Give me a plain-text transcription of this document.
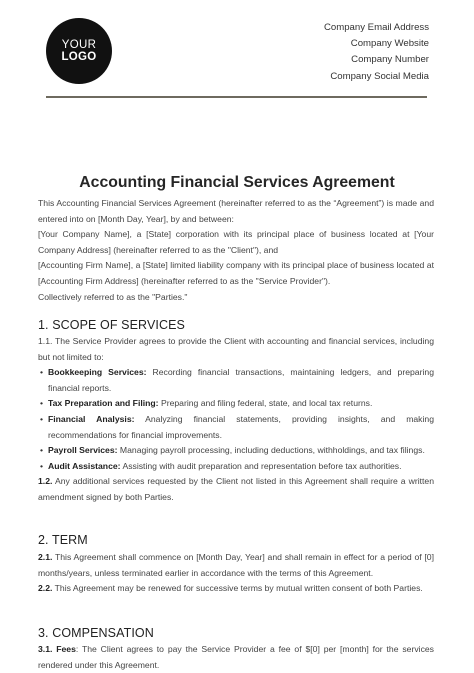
YOUR
LOGO
Company Email Address
Company Website
Company Number
Company Social Media
Accounting Financial Services Agreement

This Accounting Financial Services Agreement (hereinafter referred to as the “Agreement”) is made and entered into on [Month Day, Year], by and between:

[Your Company Name], a [State] corporation with its principal place of business located at [Your Company Address] (hereinafter referred to as the "Client"), and

[Accounting Firm Name], a [State] limited liability company with its principal place of business located at [Accounting Firm Address] (hereinafter referred to as the "Service Provider").

Collectively referred to as the "Parties."

1. SCOPE OF SERVICES

1.1. The Service Provider agrees to provide the Client with accounting and financial services, including but not limited to:

• Bookkeeping Services: Recording financial transactions, maintaining ledgers, and preparing financial reports.
• Tax Preparation and Filing: Preparing and filing federal, state, and local tax returns.
• Financial Analysis: Analyzing financial statements, providing insights, and making recommendations for financial improvements.
• Payroll Services: Managing payroll processing, including deductions, withholdings, and tax filings.
• Audit Assistance: Assisting with audit preparation and representation before tax authorities.

1.2. Any additional services requested by the Client not listed in this Agreement shall require a written amendment signed by both Parties.

2. TERM

2.1. This Agreement shall commence on [Month Day, Year] and shall remain in effect for a period of [0] months/years, unless terminated earlier in accordance with the terms of this Agreement.

2.2. This Agreement may be renewed for successive terms by mutual written consent of both Parties.

3. COMPENSATION

3.1. Fees: The Client agrees to pay the Service Provider a fee of $[0] per [month] for the services rendered under this Agreement.
